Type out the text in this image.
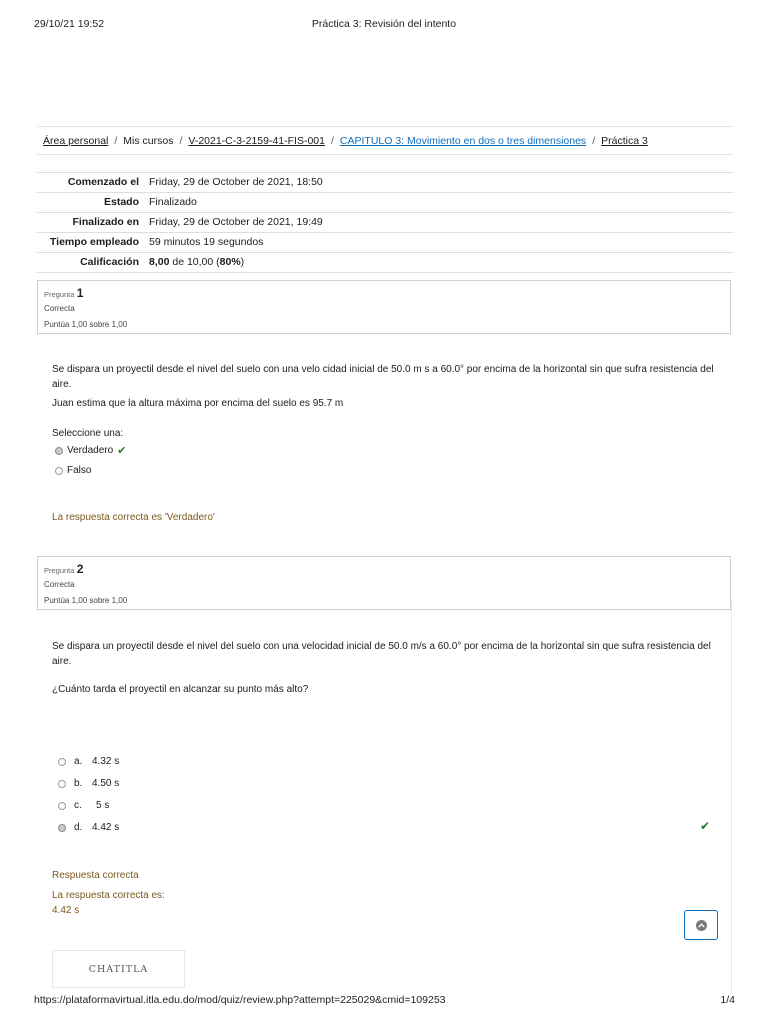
29/10/21 19:52	Práctica 3: Revisión del intento
Área personal / Mis cursos / V-2021-C-3-2159-41-FIS-001 / CAPITULO 3: Movimiento en dos o tres dimensiones / Práctica 3
Comenzado el	Friday, 29 de October de 2021, 18:50
Estado	Finalizado
Finalizado en	Friday, 29 de October de 2021, 19:49
Tiempo empleado	59 minutos 19 segundos
Calificación	8,00 de 10,00 (80%)
Pregunta 1
Correcta
Puntúa 1,00 sobre 1,00

Se dispara un proyectil desde el nivel del suelo con una velo cidad inicial de 50.0 m s a 60.0° por encima de la horizontal sin que sufra resistencia del aire.

Juan estima que la altura máxima por encima del suelo es 95.7 m

Seleccione una:
Verdadero ✔
Falso
La respuesta correcta es 'Verdadero'
Pregunta 2
Correcta
Puntúa 1,00 sobre 1,00

Se dispara un proyectil desde el nivel del suelo con una velocidad inicial de 50.0 m/s a 60.0° por encima de la horizontal sin que sufra resistencia del aire.

¿Cuánto tarda el proyectil en alcanzar su punto más alto?
a. 4.32 s
b. 4.50 s
c.	5 s
d. 4.42 s	✔
Respuesta correcta
La respuesta correcta es:
4.42 s
CHATITLA
https://plataformavirtual.itla.edu.do/mod/quiz/review.php?attempt=225029&cmid=109253	1/4
